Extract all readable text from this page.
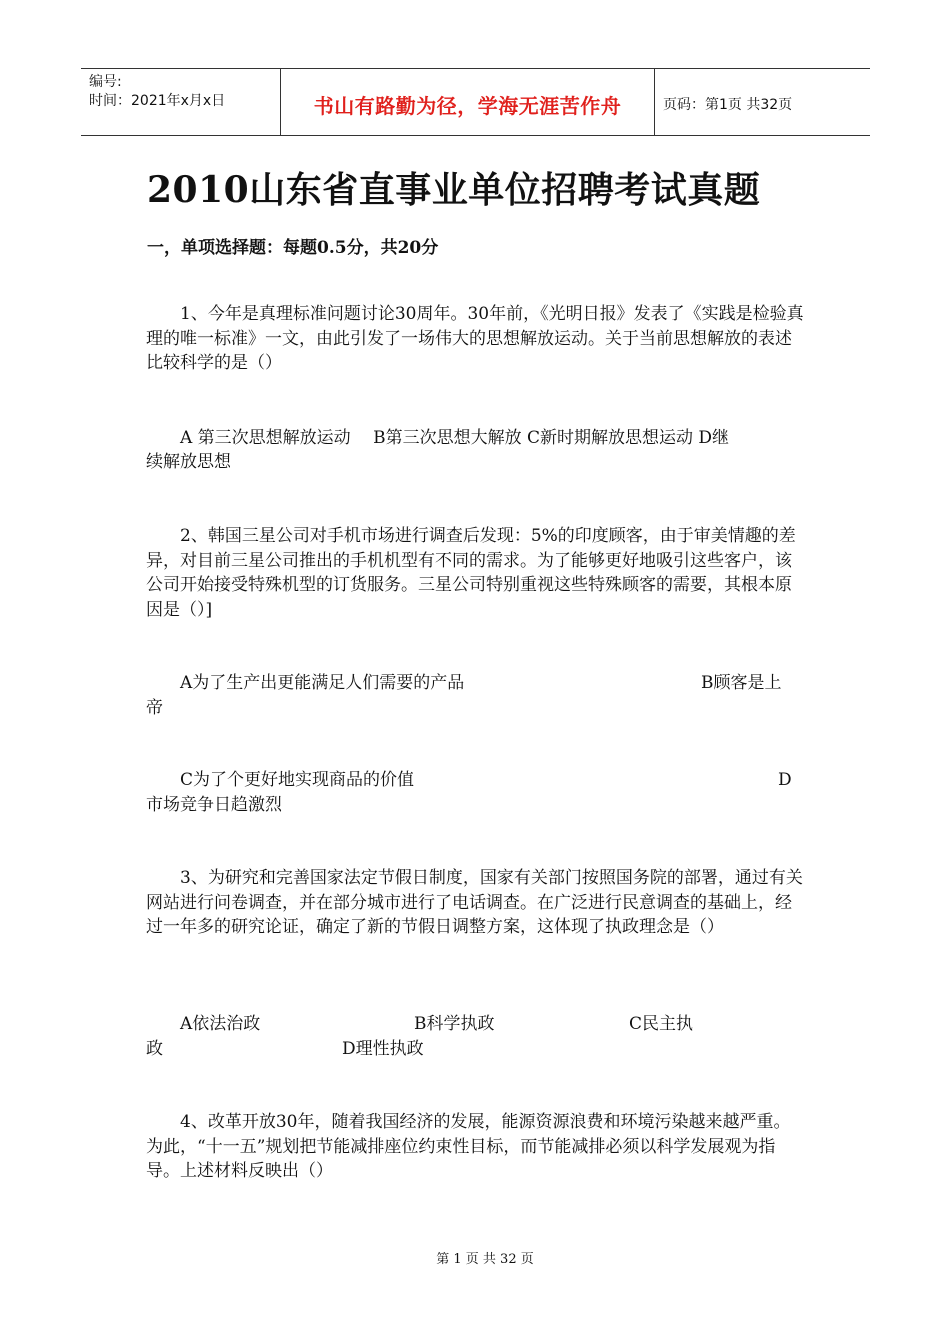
编号:
时间：2021年x月x日	书山有路勤为径，学海无涯苦作舟	页码：第1页 共32页
2010山东省直事业单位招聘考试真题
一，单项选择题：每题0.5分，共20分
1、今年是真理标准问题讨论30周年。30年前，《光明日报》发表了《实践是检验真理的唯一标准》一文，由此引发了一场伟大的思想解放运动。关于当前思想解放的表述比较科学的是（）
A 第三次思想解放运动　 B第三次思想大解放 C新时期解放思想运动 D继
续解放思想
2、韩国三星公司对手机市场进行调查后发现：5%的印度顾客，由于审美情趣的差异，对目前三星公司推出的手机机型有不同的需求。为了能够更好地吸引这些客户，该公司开始接受特殊机型的订货服务。三星公司特别重视这些特殊顾客的需要，其根本原因是（）]
A为了生产出更能满足人们需要的产品	B顾客是上
帝
C为了个更好地实现商品的价值	D
市场竞争日趋激烈
3、为研究和完善国家法定节假日制度，国家有关部门按照国务院的部署，通过有关网站进行问卷调查，并在部分城市进行了电话调查。在广泛进行民意调查的基础上，经过一年多的研究论证，确定了新的节假日调整方案，这体现了执政理念是（）
A依法治政	B科学执政	C民主执
政	D理性执政
4、改革开放30年，随着我国经济的发展，能源资源浪费和环境污染越来越严重。为此，“十一五”规划把节能减排座位约束性目标，而节能减排必须以科学发展观为指导。上述材料反映出（）
第 1 页 共 32 页
